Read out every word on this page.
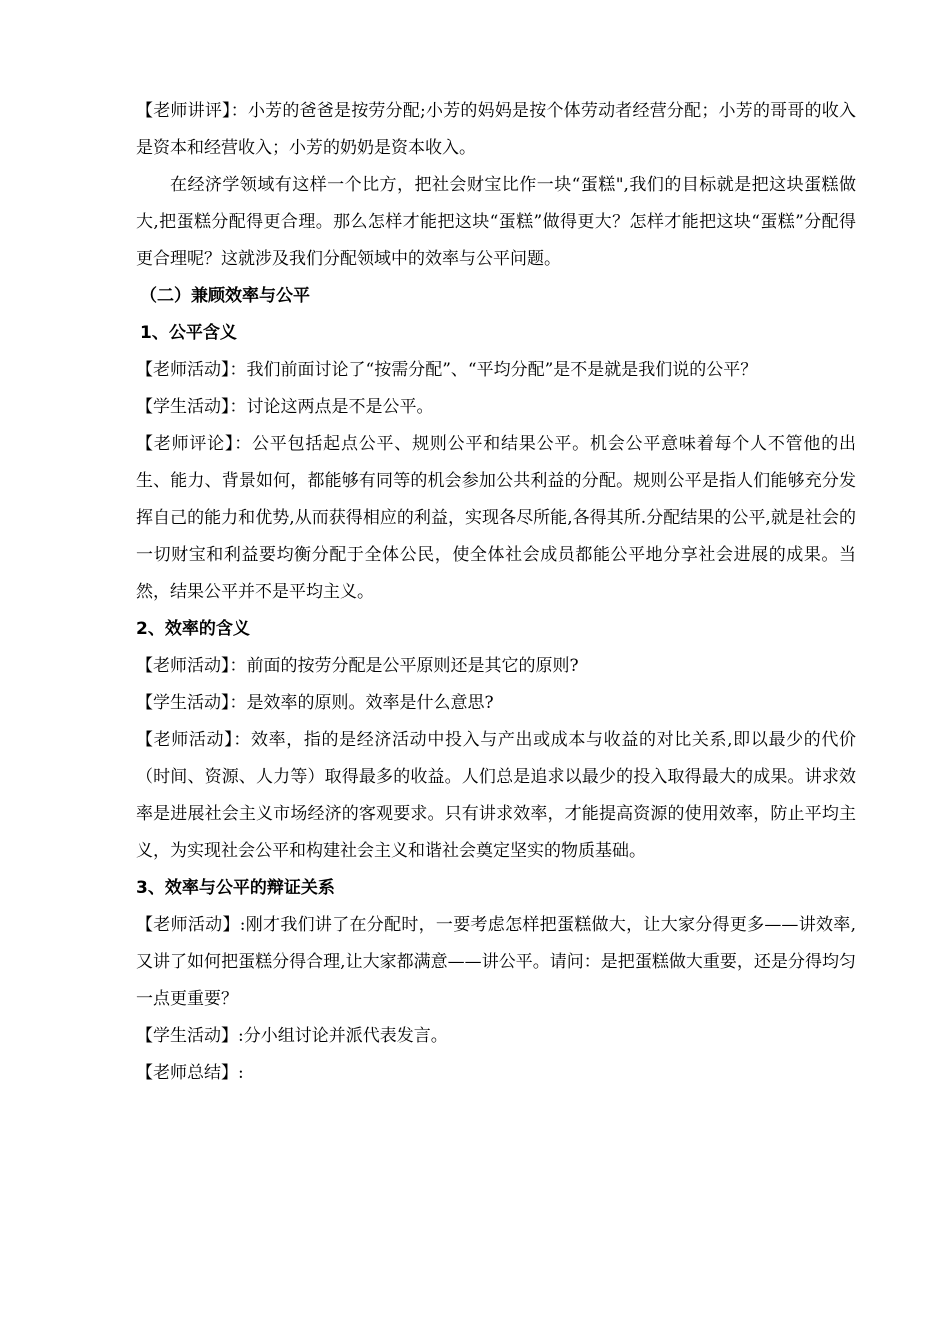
【老师讲评】：小芳的爸爸是按劳分配;小芳的妈妈是按个体劳动者经营分配；小芳的哥哥的收入是资本和经营收入；小芳的奶奶是资本收入。

在经济学领域有这样一个比方，把社会财宝比作一块“蛋糕",我们的目标就是把这块蛋糕做大,把蛋糕分配得更合理。那么怎样才能把这块“蛋糕”做得更大？怎样才能把这块“蛋糕”分配得更合理呢？这就涉及我们分配领域中的效率与公平问题。

（二）兼顾效率与公平

1、公平含义

【老师活动】：我们前面讨论了“按需分配”、“平均分配”是不是就是我们说的公平？

【学生活动】：讨论这两点是不是公平。

【老师评论】：公平包括起点公平、规则公平和结果公平。机会公平意味着每个人不管他的出生、能力、背景如何，都能够有同等的机会参加公共利益的分配。规则公平是指人们能够充分发挥自己的能力和优势,从而获得相应的利益，实现各尽所能,各得其所.分配结果的公平,就是社会的一切财宝和利益要均衡分配于全体公民，使全体社会成员都能公平地分享社会进展的成果。当然，结果公平并不是平均主义。

2、效率的含义

【老师活动】：前面的按劳分配是公平原则还是其它的原则?

【学生活动】：是效率的原则。效率是什么意思?

【老师活动】：效率，指的是经济活动中投入与产出或成本与收益的对比关系,即以最少的代价（时间、资源、人力等）取得最多的收益。人们总是追求以最少的投入取得最大的成果。讲求效率是进展社会主义市场经济的客观要求。只有讲求效率，才能提高资源的使用效率，防止平均主义，为实现社会公平和构建社会主义和谐社会奠定坚实的物质基础。

3、效率与公平的辩证关系

【老师活动】:刚才我们讲了在分配时，一要考虑怎样把蛋糕做大，让大家分得更多——讲效率,又讲了如何把蛋糕分得合理,让大家都满意——讲公平。请问：是把蛋糕做大重要，还是分得均匀一点更重要？

【学生活动】:分小组讨论并派代表发言。

【老师总结】:
